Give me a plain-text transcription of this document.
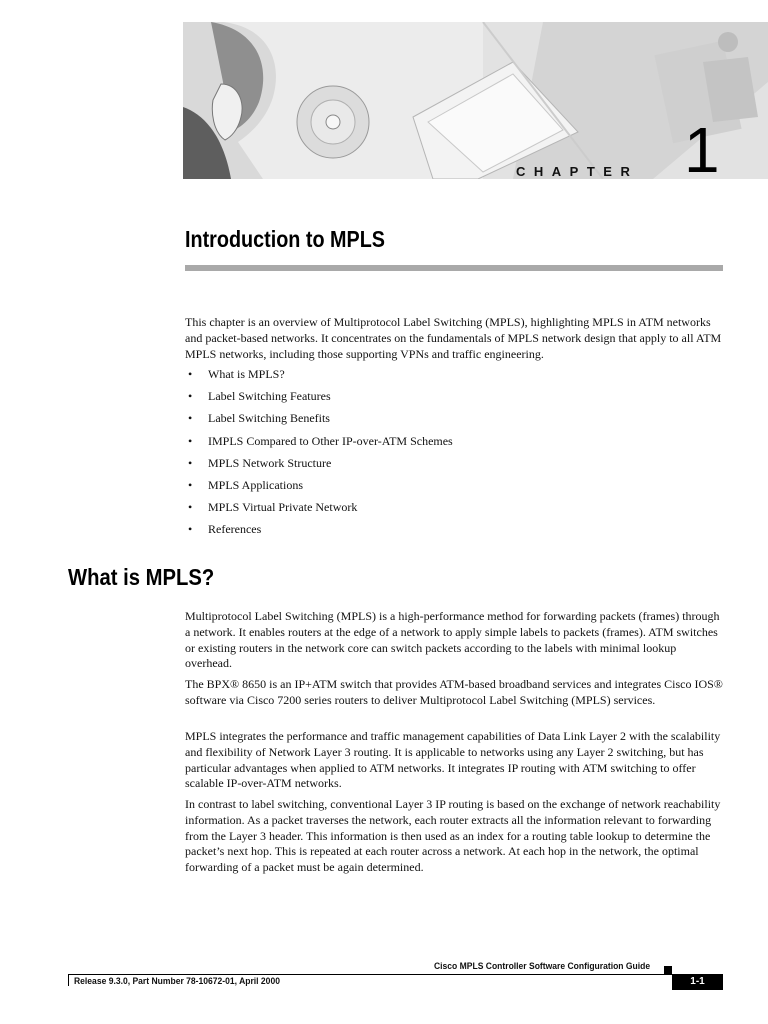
CHAPTER 1
Introduction to MPLS

This chapter is an overview of Multiprotocol Label Switching (MPLS), highlighting MPLS in ATM networks and packet-based networks. It concentrates on the fundamentals of MPLS network design that apply to all ATM MPLS networks, including those supporting VPNs and traffic engineering.

• What is MPLS?
• Label Switching Features
• Label Switching Benefits
• IMPLS Compared to Other IP-over-ATM Schemes
• MPLS Network Structure
• MPLS Applications
• MPLS Virtual Private Network
• References
What is MPLS?

Multiprotocol Label Switching (MPLS) is a high-performance method for forwarding packets (frames) through a network. It enables routers at the edge of a network to apply simple labels to packets (frames). ATM switches or existing routers in the network core can switch packets according to the labels with minimal lookup overhead.

The BPX® 8650 is an IP+ATM switch that provides ATM-based broadband services and integrates Cisco IOS® software via Cisco 7200 series routers to deliver Multiprotocol Label Switching (MPLS) services.

MPLS integrates the performance and traffic management capabilities of Data Link Layer 2 with the scalability and flexibility of Network Layer 3 routing. It is applicable to networks using any Layer 2 switching, but has particular advantages when applied to ATM networks. It integrates IP routing with ATM switching to offer scalable IP-over-ATM networks.

In contrast to label switching, conventional Layer 3 IP routing is based on the exchange of network reachability information. As a packet traverses the network, each router extracts all the information relevant to forwarding from the Layer 3 header. This information is then used as an index for a routing table lookup to determine the packet’s next hop. This is repeated at each router across a network. At each hop in the network, the optimal forwarding of a packet must be again determined.

Cisco MPLS Controller Software Configuration Guide
Release 9.3.0, Part Number 78-10672-01, April 2000	1-1
